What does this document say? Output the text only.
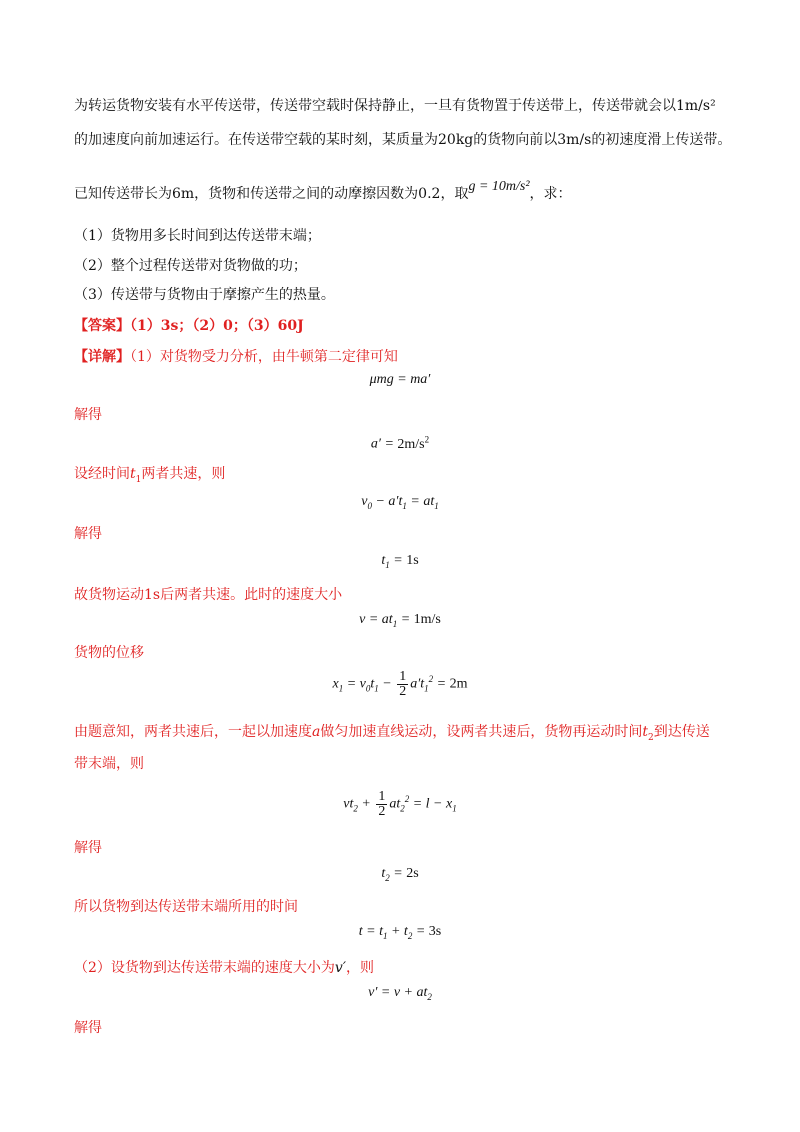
为转运货物安装有水平传送带，传送带空载时保持静止，一旦有货物置于传送带上，传送带就会以1m/s²
的加速度向前加速运行。在传送带空载的某时刻，某质量为20kg的货物向前以3m/s的初速度滑上传送带。
已知传送带长为6m，货物和传送带之间的动摩擦因数为0.2，取g = 10m/s²，求：
（1）货物用多长时间到达传送带末端；
（2）整个过程传送带对货物做的功；
（3）传送带与货物由于摩擦产生的热量。
【答案】（1）3s；（2）0；（3）60J
【详解】（1）对货物受力分析，由牛顿第二定律可知
μmg = ma′
解得
$a' = 2m/s^2$
设经时间$t_1$两者共速，则
$v_0 - a't_1 = at_1$
解得
$t_1 = 1s$
故货物运动1s后两者共速。此时的速度大小
$v = at_1 = 1m/s$
货物的位移
$x_1 = v_0t_1 - \frac{1}{2} a't_1^2 = 2m$
由题意知，两者共速后，一起以加速度a做匀加速直线运动，设两者共速后，货物再运动时间$t_2$到达传送
带末端，则
$vt_2 + \frac{1}{2} at_2^2 = l - x_1$
解得
$t_2 = 2s$
所以货物到达传送带末端所用的时间
$t = t_1 + t_2 = 3s$
（2）设货物到达传送带末端的速度大小为v′，则
$v' = v + at_2$
解得
